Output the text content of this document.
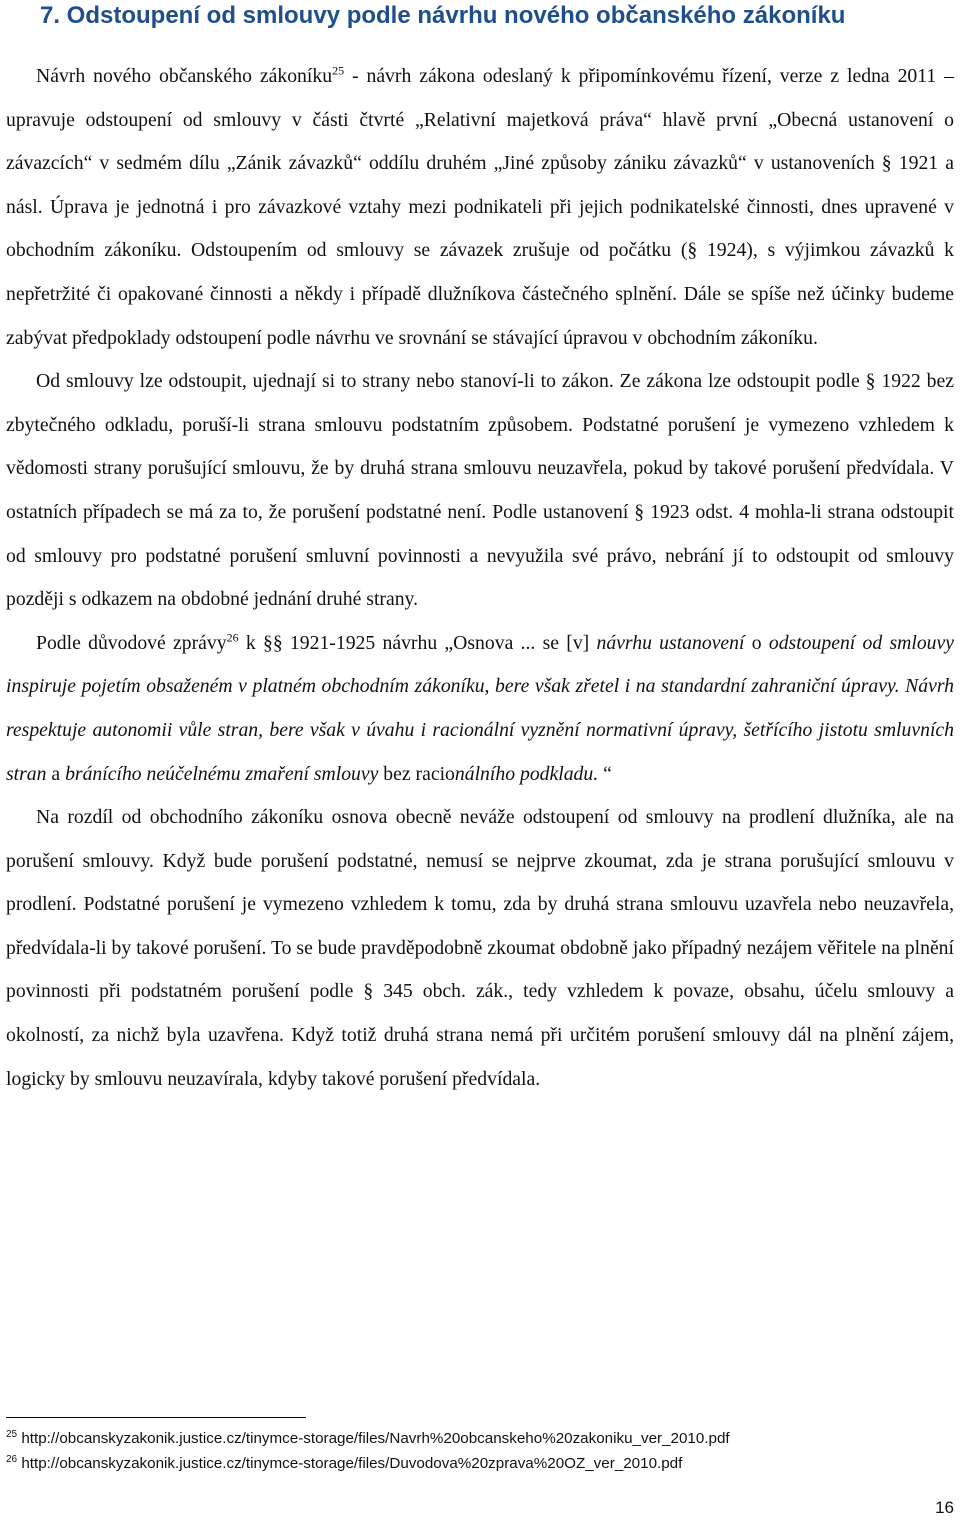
7. Odstoupení od smlouvy podle návrhu nového občanského zákoníku

Návrh nového občanského zákoníku$^{25}$ - návrh zákona odeslaný k připomínkovému řízení, verze z ledna 2011 – upravuje odstoupení od smlouvy v části čtvrté „Relativní majetková práva“ hlavě první „Obecná ustanovení o závazcích“ v sedmém dílu „Zánik závazků“ oddílu druhém „Jiné způsoby zániku závazků“ v ustanoveních § 1921 a násl. Úprava je jednotná i pro závazkové vztahy mezi podnikateli při jejich podnikatelské činnosti, dnes upravené v obchodním zákoníku. Odstoupením od smlouvy se závazek zrušuje od počátku (§ 1924), s výjimkou závazků k nepřetržité či opakované činnosti a někdy i případě dlužníkova částečného splnění. Dále se spíše než účinky budeme zabývat předpoklady odstoupení podle návrhu ve srovnání se stávající úpravou v obchodním zákoníku.

Od smlouvy lze odstoupit, ujednají si to strany nebo stanoví-li to zákon. Ze zákona lze odstoupit podle § 1922 bez zbytečného odkladu, poruší-li strana smlouvu podstatním způsobem. Podstatné porušení je vymezeno vzhledem k vědomosti strany porušující smlouvu, že by druhá strana smlouvu neuzavřela, pokud by takové porušení předvídala. V ostatních případech se má za to, že porušení podstatné není. Podle ustanovení § 1923 odst. 4 mohla-li strana odstoupit od smlouvy pro podstatné porušení smluvní povinnosti a nevyužila své právo, nebrání jí to odstoupit od smlouvy později s odkazem na obdobné jednání druhé strany.

Podle důvodové zprávy$^{26}$ k §§ 1921-1925 návrhu „Osnova ... se [v] návrhu ustanovení o odstoupení od smlouvy inspiruje pojetím obsaženém v platném obchodním zákoníku, bere však zřetel i na standardní zahraniční úpravy. Návrh respektuje autonomii vůle stran, bere však v úvahu i racionální vyznění normativní úpravy, šetřícího jistotu smluvních stran a bránícího neúčelnému zmaření smlouvy bez racionálního podkladu. “

Na rozdíl od obchodního zákoníku osnova obecně neváže odstoupení od smlouvy na prodlení dlužníka, ale na porušení smlouvy. Když bude porušení podstatné, nemusí se nejprve zkoumat, zda je strana porušující smlouvu v prodlení. Podstatné porušení je vymezeno vzhledem k tomu, zda by druhá strana smlouvu uzavřela nebo neuzavřela, předvídala-li by takové porušení. To se bude pravděpodobně zkoumat obdobně jako případný nezájem věřitele na plnění povinnosti při podstatném porušení podle § 345 obch. zák., tedy vzhledem k povaze, obsahu, účelu smlouvy a okolností, za nichž byla uzavřena. Když totiž druhá strana nemá při určitém porušení smlouvy dál na plnění zájem, logicky by smlouvu neuzavírala, kdyby takové porušení předvídala.

$^{25}$ http://obcanskyzakonik.justice.cz/tinymce-storage/files/Navrh%20obcanskeho%20zakoniku_ver_2010.pdf
$^{26}$ http://obcanskyzakonik.justice.cz/tinymce-storage/files/Duvodova%20zprava%20OZ_ver_2010.pdf
16
